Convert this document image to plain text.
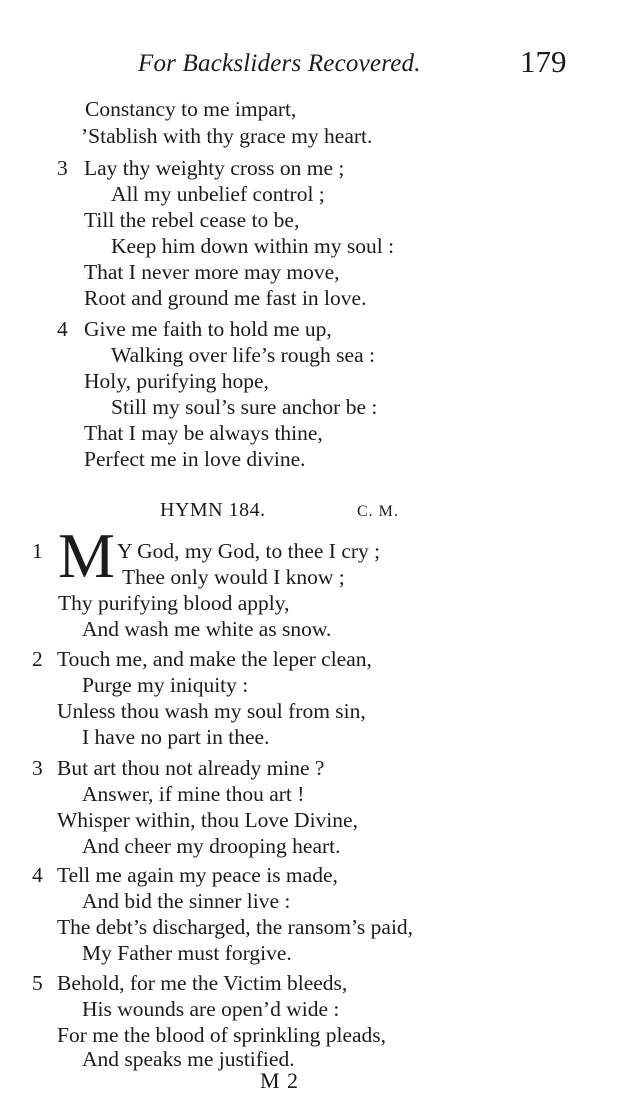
For Backsliders Recovered.	179
Constancy to me impart,
’Stablish with thy grace my heart.
3 Lay thy weighty cross on me ;
All my unbelief control ;
Till the rebel cease to be,
Keep him down within my soul :
That I never more may move,
Root and ground me fast in love.
4 Give me faith to hold me up,
Walking over life’s rough sea :
Holy, purifying hope,
Still my soul’s sure anchor be :
That I may be always thine,
Perfect me in love divine.
HYMN 184.	C. M.
1 M Y God, my God, to thee I cry ;
Thee only would I know ;
Thy purifying blood apply,
And wash me white as snow.
2 Touch me, and make the leper clean,
Purge my iniquity :
Unless thou wash my soul from sin,
I have no part in thee.
3 But art thou not already mine ?
Answer, if mine thou art !
Whisper within, thou Love Divine,
And cheer my drooping heart.
4 Tell me again my peace is made,
And bid the sinner live :
The debt’s discharged, the ransom’s paid,
My Father must forgive.
5 Behold, for me the Victim bleeds,
His wounds are open’d wide :
For me the blood of sprinkling pleads,
And speaks me justified.
M 2
